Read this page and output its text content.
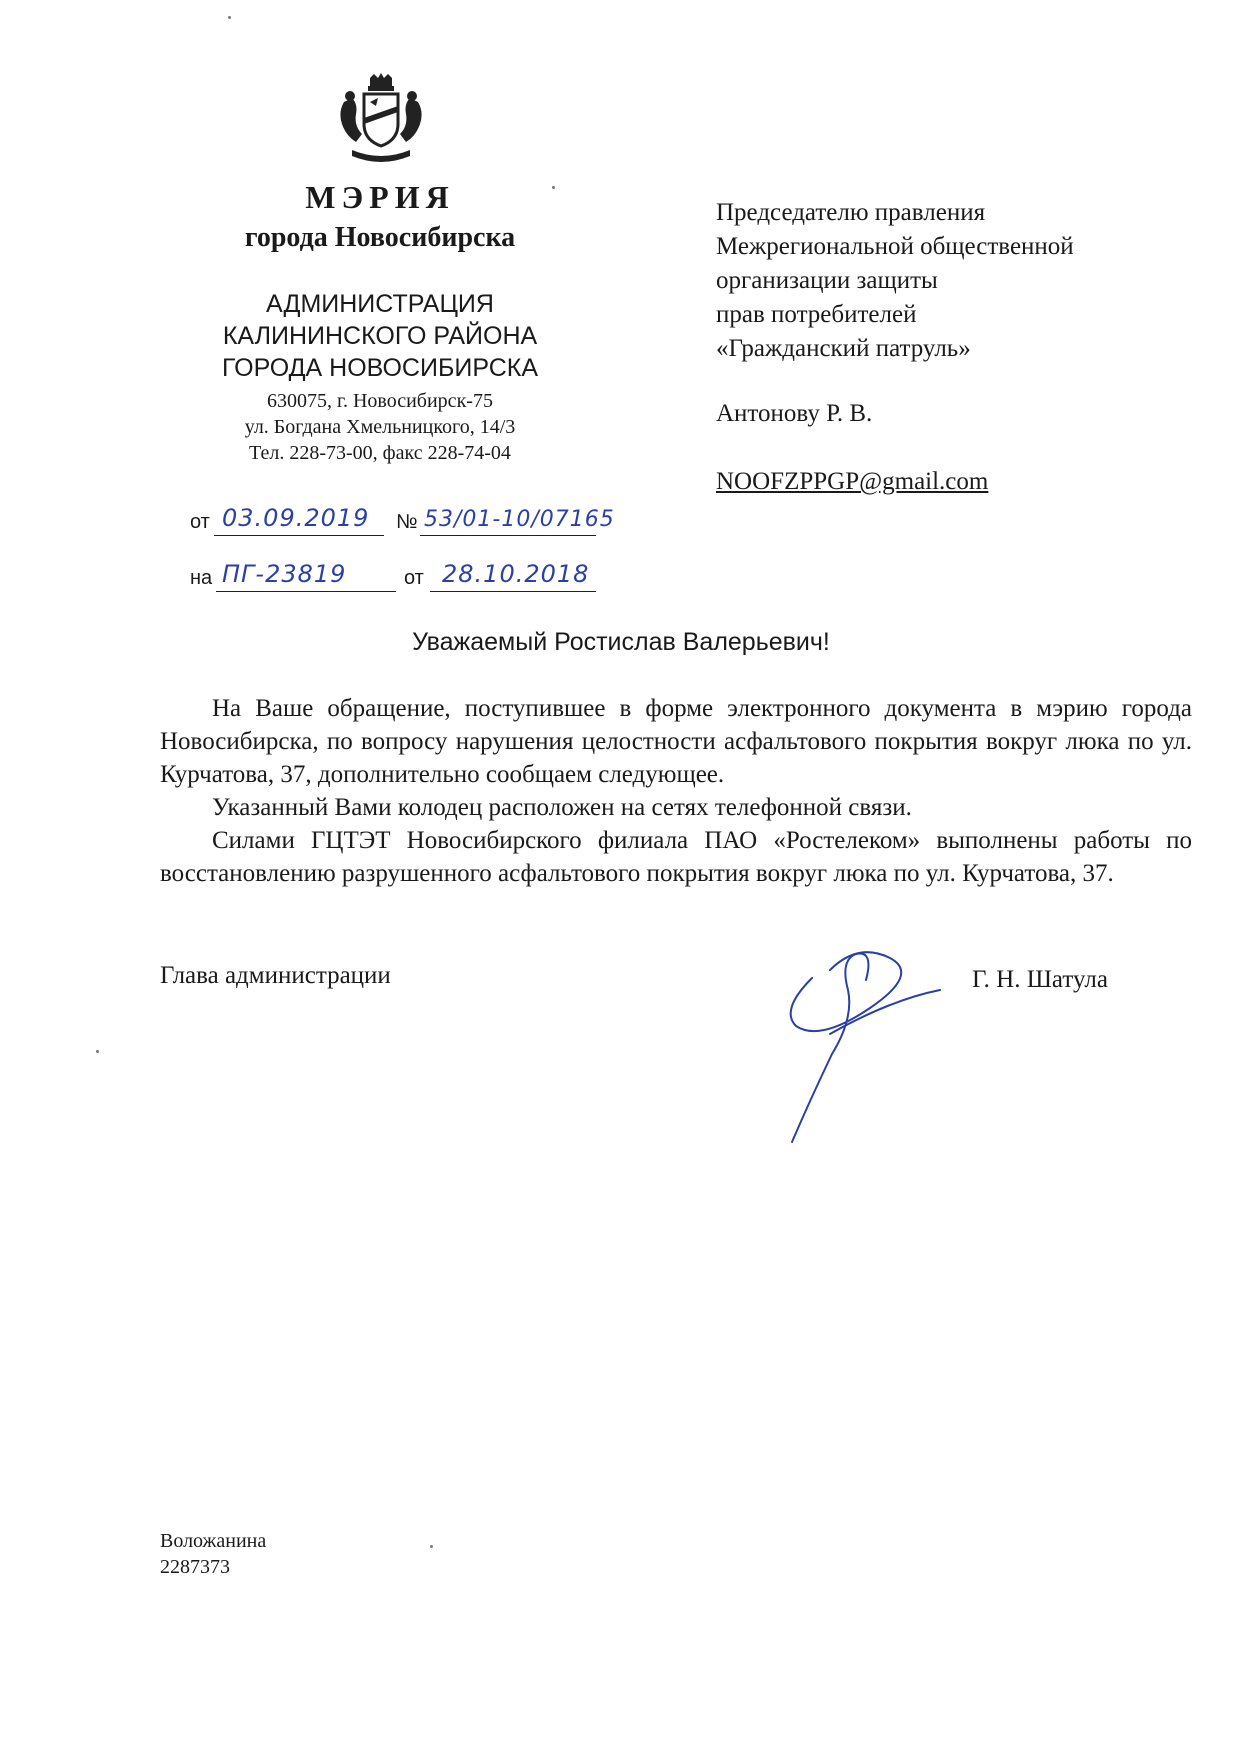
МЭРИЯ
города Новосибирска
АДМИНИСТРАЦИЯ
КАЛИНИНСКОГО РАЙОНА
ГОРОДА НОВОСИБИРСКА
630075, г. Новосибирск-75
ул. Богдана Хмельницкого, 14/3
Тел. 228-73-00, факс 228-74-04
от 03.09.2019 № 53/01-10/07165
на ПГ-23819	от 28.10.2018
Председателю правления
Межрегиональной общественной
организации защиты
прав потребителей
«Гражданский патруль»
Антонову Р. В.
NOOFZPPGP@gmail.com
Уважаемый Ростислав Валерьевич!

На Ваше обращение, поступившее в форме электронного документа в мэрию города Новосибирска, по вопросу нарушения целостности асфальтового покрытия вокруг люка по ул. Курчатова, 37, дополнительно сообщаем следующее.

Указанный Вами колодец расположен на сетях телефонной связи.

Силами ГЦТЭТ Новосибирского филиала ПАО «Ростелеком» выполнены работы по восстановлению разрушенного асфальтового покрытия вокруг люка по ул. Курчатова, 37.

Глава администрации	Г. Н. Шатула
Воложанина
2287373
